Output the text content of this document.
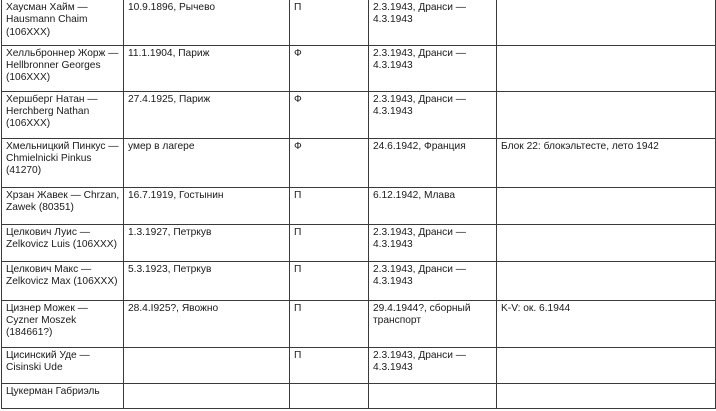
Хаусман Хайм —
Hausmann Chaim
(106XXX)	10.9.1896, Рычево	П	2.3.1943, Дранси —
4.3.1943	

Хелльброннер Жорж —
Hellbronner Georges
(106XXX)	11.1.1904, Париж	Ф	2.3.1943, Дранси —
4.3.1943	

Хершберг Натан —
Herchberg Nathan
(106XXX)	27.4.1925, Париж	Ф	2.3.1943, Дранси —
4.3.1943	

Хмельницкий Пинкус —
Chmielnicki Pinkus
(41270)	умер в лагере	Ф	24.6.1942, Франция	Блок 22: блокэльтесте, лето 1942

Хрзан Жавек — Chrzan,
Zawek (80351)	16.7.1919, Гостынин	П	6.12.1942, Млава	

Целкович Луис —
Zelkovicz Luis (106XXX)	1.3.1927, Петркув	П	2.3.1943, Дранси —
4.3.1943	

Целкович Макс —
Zelkovicz Max (106XXX)	5.3.1923, Петркув	П	2.3.1943, Дранси —
4.3.1943	

Цизнер Можек —
Cyzner Moszek
(184661?)	28.4.I925?, Явожно	П	29.4.1944?, сборный
транспорт	K-V: ок. 6.1944

Цисинский Уде —
Cisinski Ude		П	2.3.1943, Дранси —
4.3.1943	

Цукерман Габриэль				
